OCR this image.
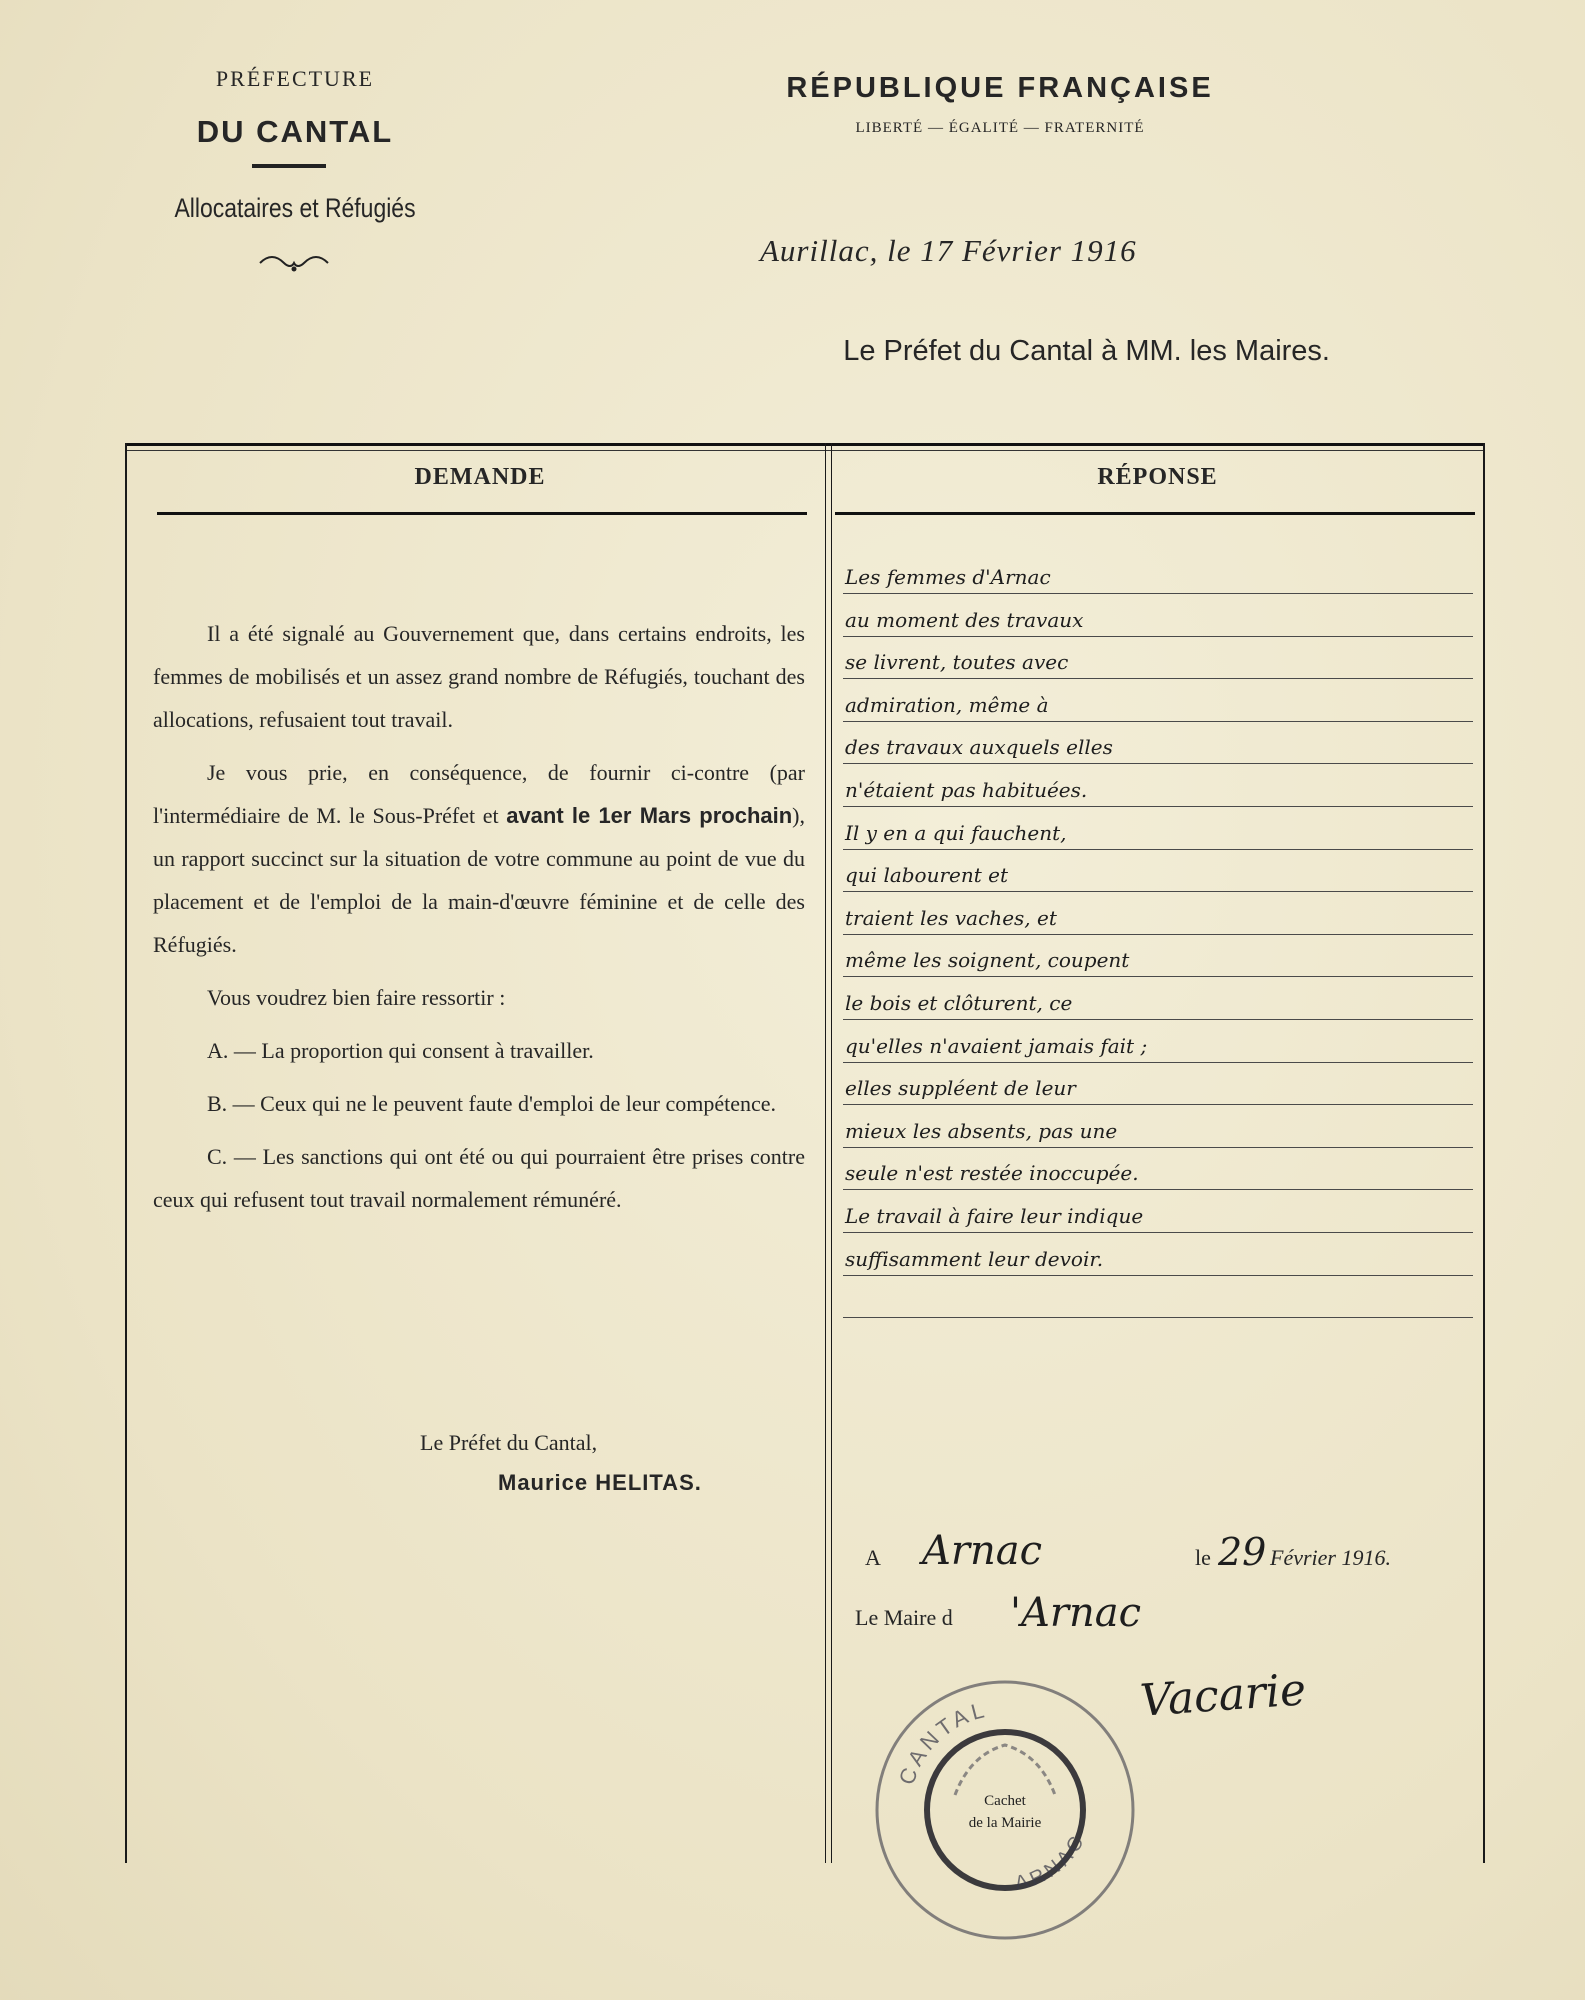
PRÉFECTURE
DU CANTAL
Allocataires et Réfugiés
RÉPUBLIQUE FRANÇAISE
LIBERTÉ — ÉGALITÉ — FRATERNITÉ
Aurillac, le 17 Février 1916
Le Préfet du Cantal à MM. les Maires.
DEMANDE	RÉPONSE

Il a été signalé au Gouvernement que, dans certains endroits, les femmes de mobilisés et un assez grand nombre de Réfugiés, touchant des allocations, refusaient tout travail.

Je vous prie, en conséquence, de fournir ci-contre (par l'intermédiaire de M. le Sous-Préfet et avant le 1er Mars prochain), un rapport succinct sur la situation de votre commune au point de vue du placement et de l'emploi de la main-d'œuvre féminine et de celle des Réfugiés.

Vous voudrez bien faire ressortir :

A. — La proportion qui consent à travailler.

B. — Ceux qui ne le peuvent faute d'emploi de leur compétence.

C. — Les sanctions qui ont été ou qui pourraient être prises contre ceux qui refusent tout travail normalement rémunéré.

Le Préfet du Cantal,
Maurice HELITAS.
Les femmes d'Arnac
au moment des travaux
se livrent, toutes avec
admiration, même à
des travaux auxquels elles
n'étaient pas habituées.
Il y en a qui fauchent,
qui labourent et
traient les vaches, et
même les soignent, coupent
le bois et clôturent, ce
qu'elles n'avaient jamais fait ;
elles suppléent de leur
mieux les absents, pas une
seule n'est restée inoccupée.
Le travail à faire leur indique
suffisamment leur devoir.
A Arnac	le 29 Février 1916.
Le Maire d 'Arnac
Vacarie
CANTAL
ARNAC
Cachet
de la Mairie
